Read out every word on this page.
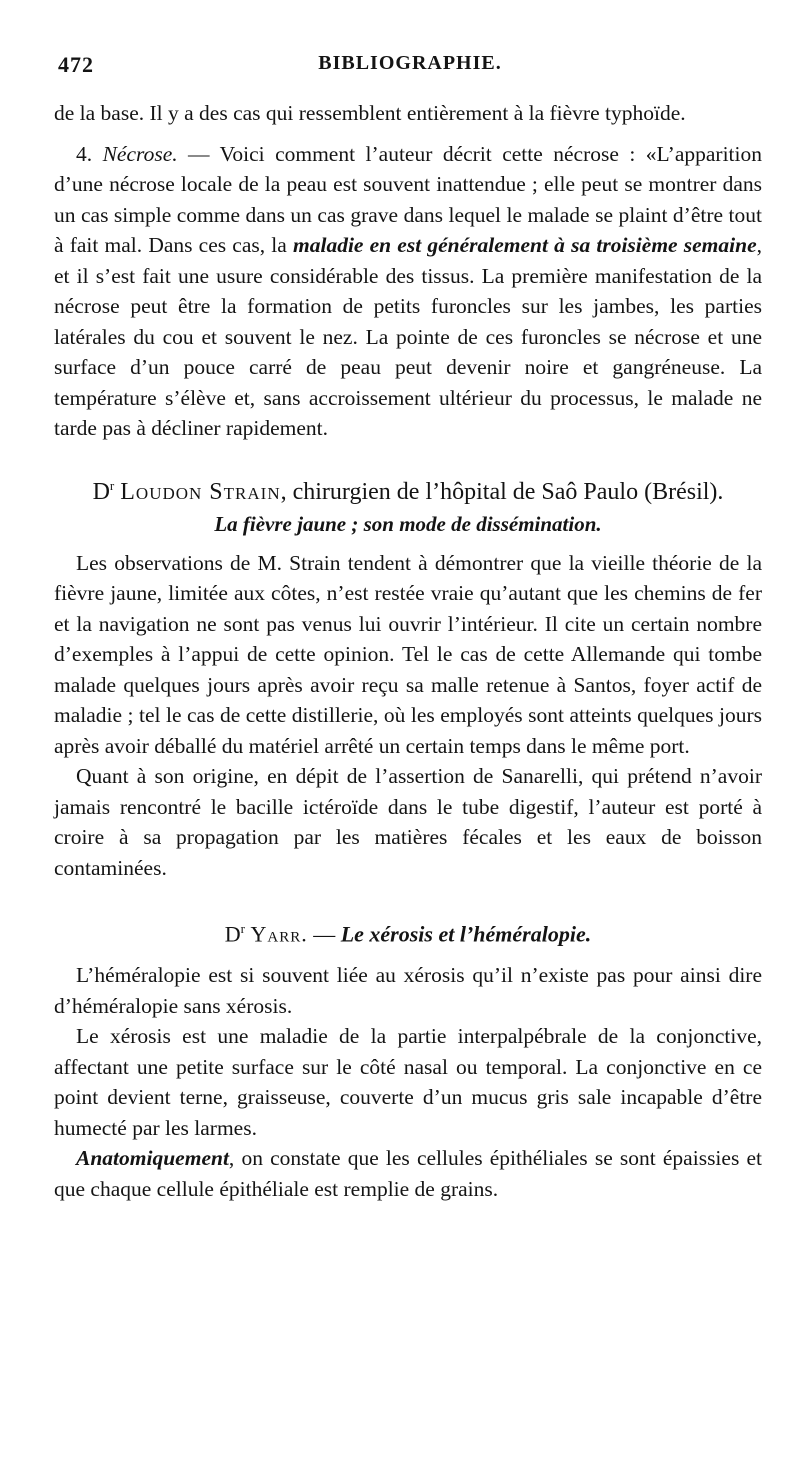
472	BIBLIOGRAPHIE.

de la base. Il y a des cas qui ressemblent entièrement à la fièvre typhoïde.

4. Nécrose. — Voici comment l’auteur décrit cette nécrose : «L’apparition d’une nécrose locale de la peau est souvent inattendue ; elle peut se montrer dans un cas simple comme dans un cas grave dans lequel le malade se plaint d’être tout à fait mal. Dans ces cas, la maladie en est généralement à sa troisième semaine, et il s’est fait une usure considérable des tissus. La première manifestation de la nécrose peut être la formation de petits furoncles sur les jambes, les parties latérales du cou et souvent le nez. La pointe de ces furoncles se nécrose et une surface d’un pouce carré de peau peut devenir noire et gangréneuse. La température s’élève et, sans accroissement ultérieur du processus, le malade ne tarde pas à décliner rapidement.

$D^r$ Loudon Strain, chirurgien de l’hôpital de Saô Paulo (Brésil).
La fièvre jaune ; son mode de dissémination.

Les observations de M. Strain tendent à démontrer que la vieille théorie de la fièvre jaune, limitée aux côtes, n’est restée vraie qu’autant que les chemins de fer et la navigation ne sont pas venus lui ouvrir l’intérieur. Il cite un certain nombre d’exemples à l’appui de cette opinion. Tel le cas de cette Allemande qui tombe malade quelques jours après avoir reçu sa malle retenue à Santos, foyer actif de maladie ; tel le cas de cette distillerie, où les employés sont atteints quelques jours après avoir déballé du matériel arrêté un certain temps dans le même port.

Quant à son origine, en dépit de l’assertion de Sanarelli, qui prétend n’avoir jamais rencontré le bacille ictéroïde dans le tube digestif, l’auteur est porté à croire à sa propagation par les matières fécales et les eaux de boisson contaminées.

$D^r$ Yarr. — Le xérosis et l’héméralopie.

L’héméralopie est si souvent liée au xérosis qu’il n’existe pas pour ainsi dire d’héméralopie sans xérosis.

Le xérosis est une maladie de la partie interpalpébrale de la conjonctive, affectant une petite surface sur le côté nasal ou temporal. La conjonctive en ce point devient terne, graisseuse, couverte d’un mucus gris sale incapable d’être humecté par les larmes.

Anatomiquement, on constate que les cellules épithéliales se sont épaissies et que chaque cellule épithéliale est remplie de grains.
